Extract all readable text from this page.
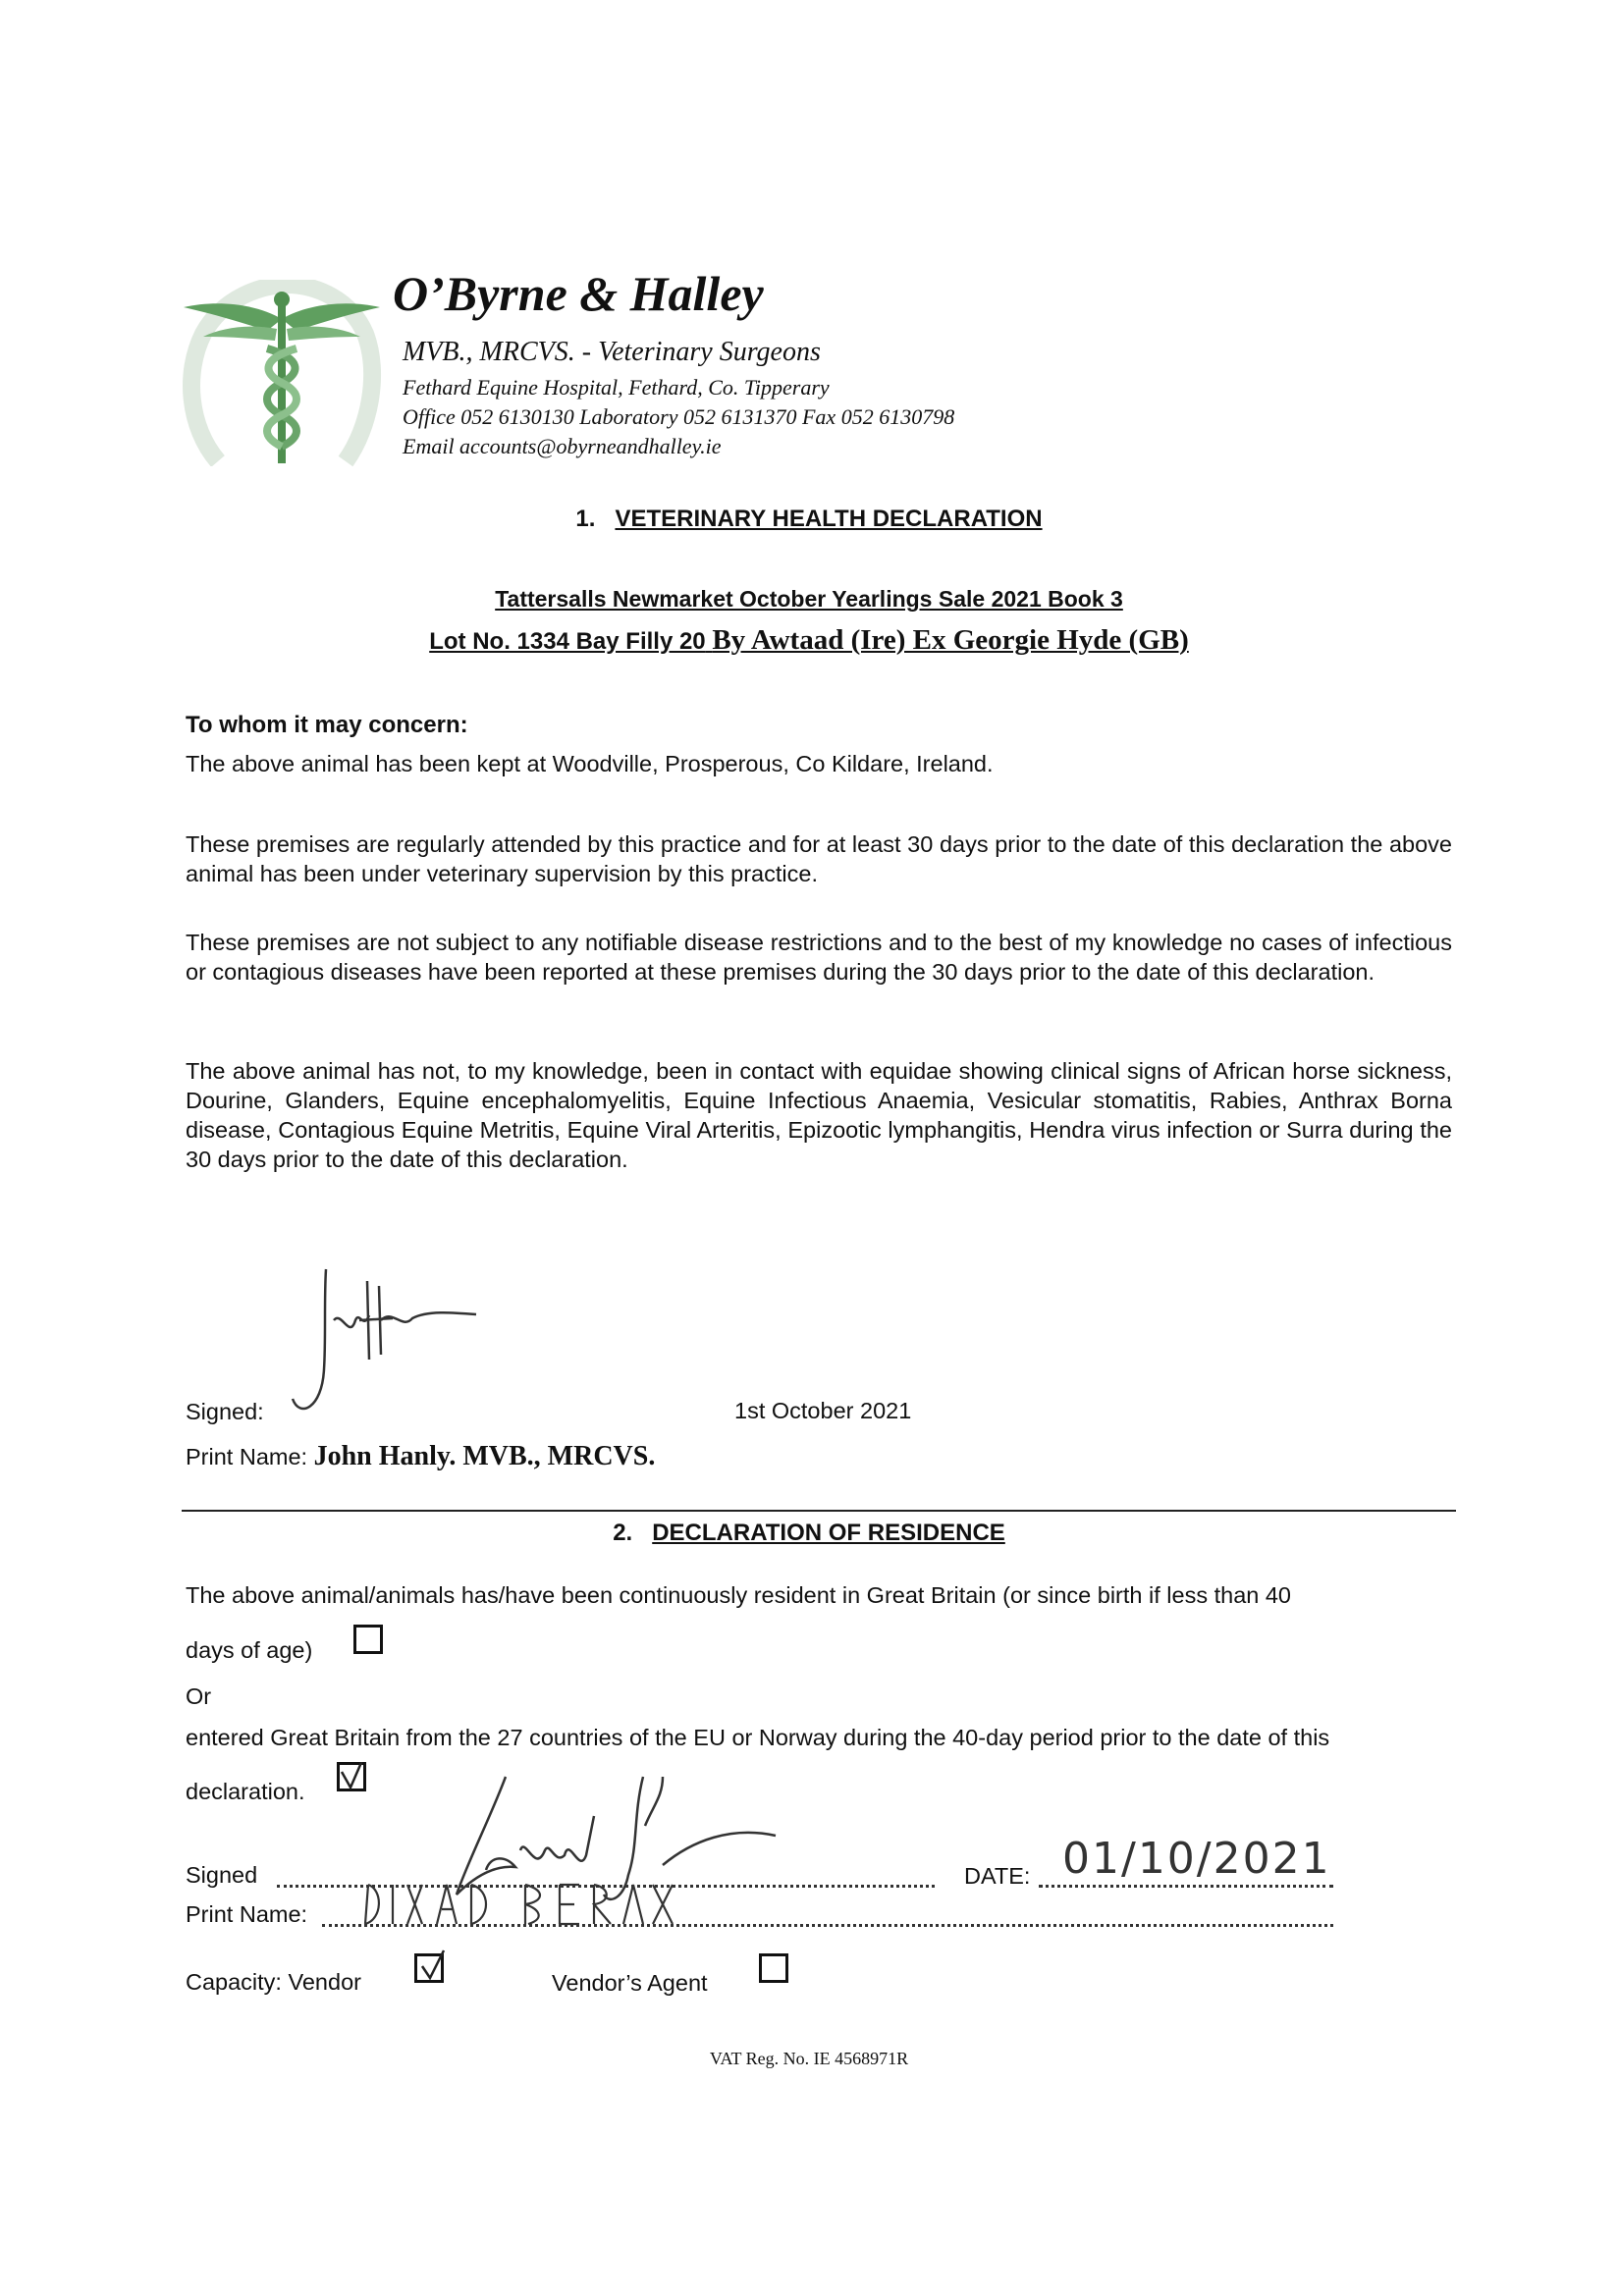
O’Byrne & Halley
MVB., MRCVS. - Veterinary Surgeons
Fethard Equine Hospital, Fethard, Co. Tipperary
Office 052 6130130 Laboratory 052 6131370 Fax 052 6130798
Email accounts@obyrneandhalley.ie
1. VETERINARY HEALTH DECLARATION
Tattersalls Newmarket October Yearlings Sale 2021 Book 3
Lot No. 1334 Bay Filly 20 By Awtaad (Ire) Ex Georgie Hyde (GB)
To whom it may concern:
The above animal has been kept at Woodville, Prosperous, Co Kildare, Ireland.
These premises are regularly attended by this practice and for at least 30 days prior to the date of this declaration the above animal has been under veterinary supervision by this practice.
These premises are not subject to any notifiable disease restrictions and to the best of my knowledge no cases of infectious or contagious diseases have been reported at these premises during the 30 days prior to the date of this declaration.
The above animal has not, to my knowledge, been in contact with equidae showing clinical signs of African horse sickness, Dourine, Glanders, Equine encephalomyelitis, Equine Infectious Anaemia, Vesicular stomatitis, Rabies, Anthrax Borna disease, Contagious Equine Metritis, Equine Viral Arteritis, Epizootic lymphangitis, Hendra virus infection or Surra during the 30 days prior to the date of this declaration.
Signed:	1st October 2021
Print Name: John Hanly. MVB., MRCVS.
2. DECLARATION OF RESIDENCE
The above animal/animals has/have been continuously resident in Great Britain (or since birth if less than 40
days of age)
Or
entered Great Britain from the 27 countries of the EU or Norway during the 40-day period prior to the date of this
declaration.
Signed	DATE: 01/10/2021
Print Name:
Capacity: Vendor	Vendor’s Agent
VAT Reg. No. IE 4568971R
